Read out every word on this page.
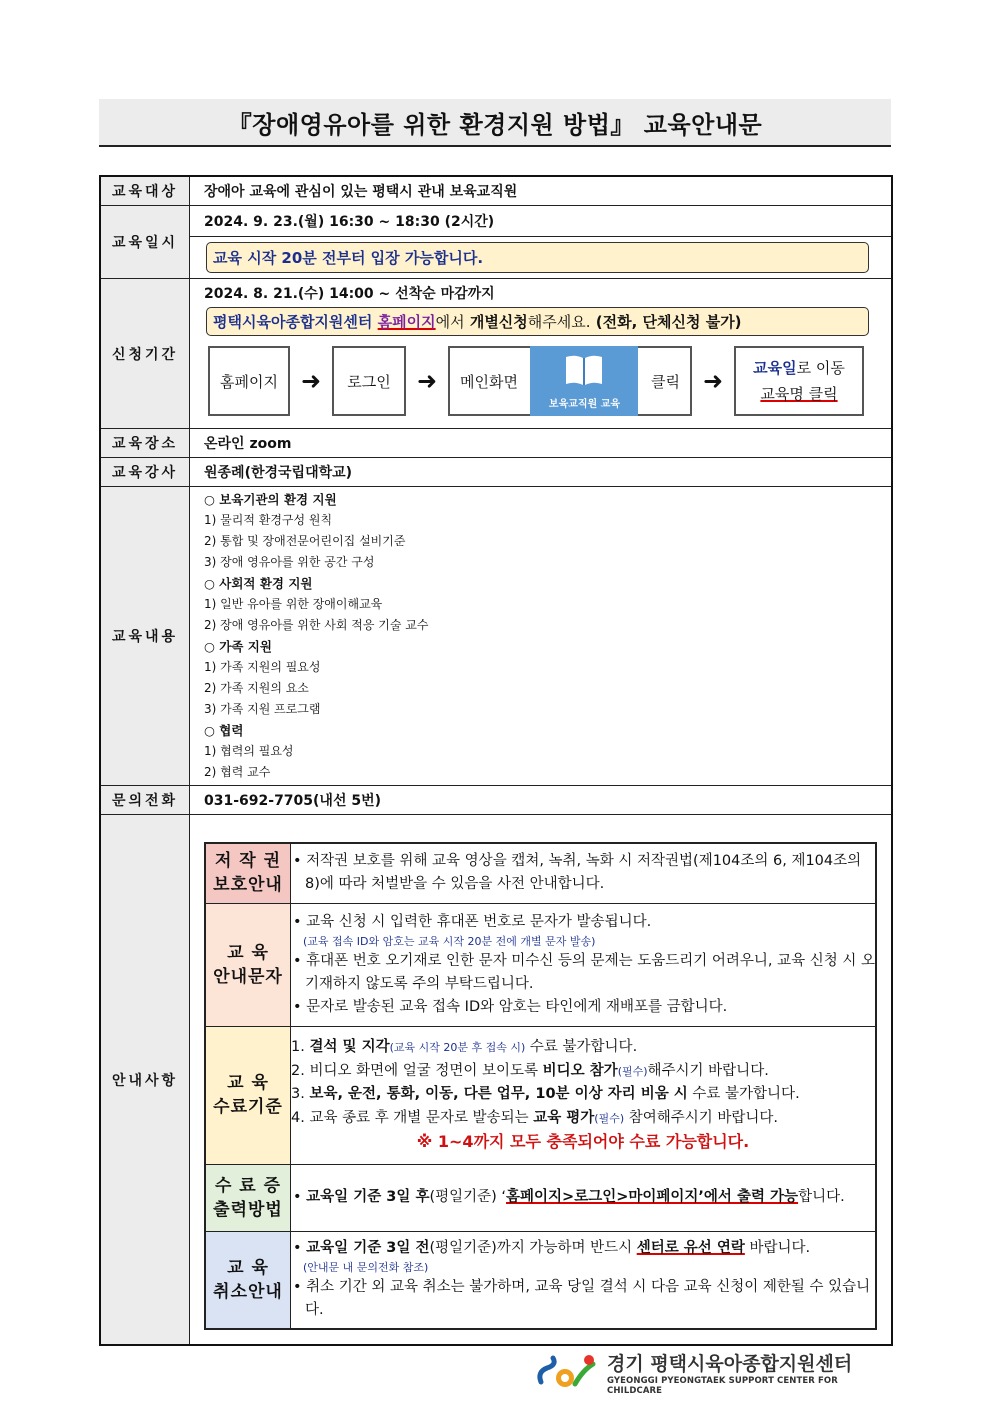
『장애영유아를 위한 환경지원 방법』 교육안내문
교육대상	장애아 교육에 관심이 있는 평택시 관내 보육교직원

교육일시	
2024. 9. 23.(월) 16:30 ~ 18:30 (2시간)
교육 시작 20분 전부터 입장 가능합니다.

신청기간	
2024. 8. 21.(수) 14:00 ~ 선착순 마감까지
평택시육아종합지원센터 홈페이지에서 개별신청해주세요. (전화, 단체신청 불가)
홈페이지 ➜	로그인	➜	메인화면
보육교직원 교육
클릭 ➜	교육일로 이동
교육명 클릭

교육장소	온라인 zoom

교육강사	원종례(한경국립대학교)

교육내용	
○ 보육기관의 환경 지원
1) 물리적 환경구성 원칙
2) 통합 및 장애전문어린이집 설비기준
3) 장애 영유아를 위한 공간 구성
○ 사회적 환경 지원
1) 일반 유아를 위한 장애이해교육
2) 장애 영유아를 위한 사회 적응 기술 교수
○ 가족 지원
1) 가족 지원의 필요성
2) 가족 지원의 요소
3) 가족 지원 프로그램
○ 협력
1) 협력의 필요성
2) 협력 교수

문의전화	031-692-7705(내선 5번)

안내사항	
저 작 권
보호안내

• 저작권 보호를 위해 교육 영상을 캡쳐, 녹취, 녹화 시 저작권법(제104조의 6, 제104조의 8)에 따라 처벌받을 수 있음을 사전 안내합니다.

교 육
안내문자

• 교육 신청 시 입력한 휴대폰 번호로 문자가 발송됩니다.
(교육 접속 ID와 암호는 교육 시작 20분 전에 개별 문자 발송)
• 휴대폰 번호 오기재로 인한 문자 미수신 등의 문제는 도움드리기 어려우니, 교육 신청 시 오기재하지 않도록 주의 부탁드립니다.
• 문자로 발송된 교육 접속 ID와 암호는 타인에게 재배포를 금합니다.

교 육
수료기준

1. 결석 및 지각(교육 시작 20분 후 접속 시) 수료 불가합니다.
2. 비디오 화면에 얼굴 정면이 보이도록 비디오 참가(필수)해주시기 바랍니다.
3. 보육, 운전, 통화, 이동, 다른 업무, 10분 이상 자리 비움 시 수료 불가합니다.
4. 교육 종료 후 개별 문자로 발송되는 교육 평가(필수) 참여해주시기 바랍니다.
※ 1~4까지 모두 충족되어야 수료 가능합니다.

수 료 증
출력방법

• 교육일 기준 3일 후(평일기준) ‘홈페이지>로그인>마이페이지’에서 출력 가능합니다.

교 육
취소안내

• 교육일 기준 3일 전(평일기준)까지 가능하며 반드시 센터로 유선 연락 바랍니다.
(안내문 내 문의전화 참조)
• 취소 기간 외 교육 취소는 불가하며, 교육 당일 결석 시 다음 교육 신청이 제한될 수 있습니다.
경기 평택시육아종합지원센터
GYEONGGI PYEONGTAEK SUPPORT CENTER FOR CHILDCARE
